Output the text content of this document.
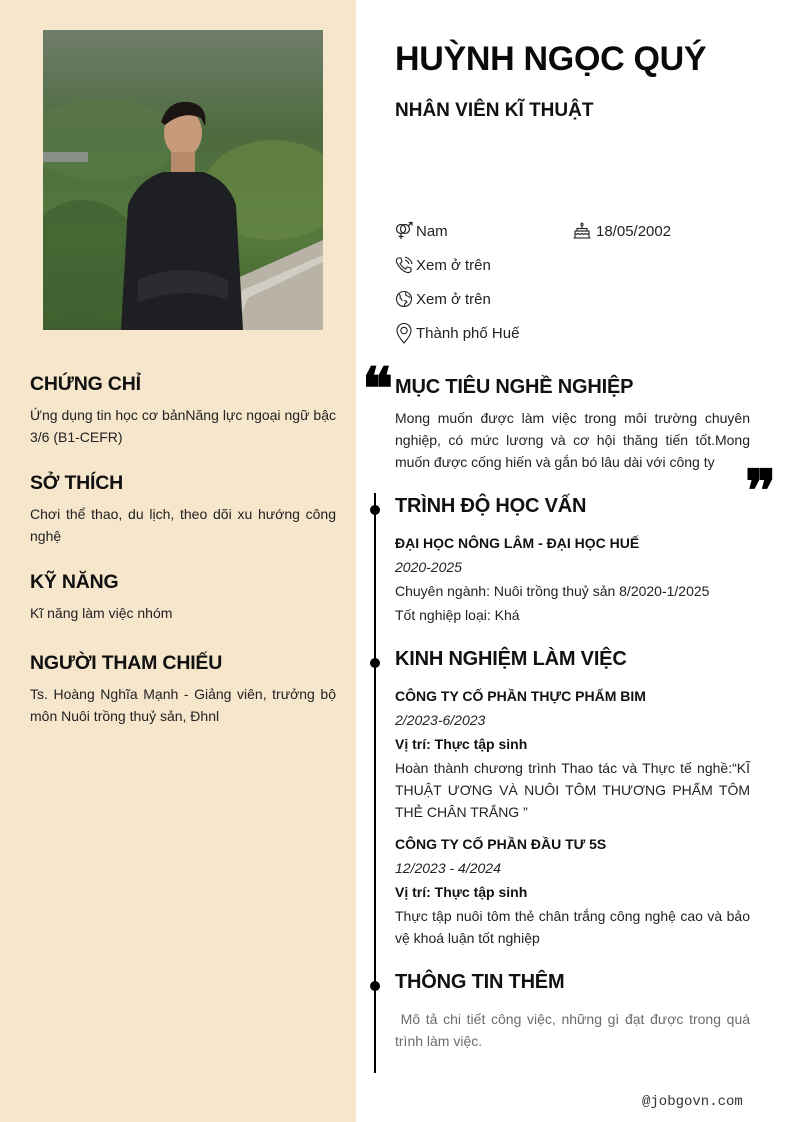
CHỨNG CHỈ

Ứng dụng tin học cơ bảnNăng lực ngoại ngữ bậc 3/6 (B1-CEFR)

SỞ THÍCH

Chơi thể thao, du lịch, theo dõi xu hướng công nghệ

KỸ NĂNG

Kĩ năng làm việc nhóm

NGƯỜI THAM CHIẾU

Ts. Hoàng Nghĩa Mạnh - Giảng viên, trưởng bộ môn Nuôi trồng thuỷ sản, Đhnl

HUỲNH NGỌC QUÝ
NHÂN VIÊN KĨ THUẬT
Nam	18/05/2002
Xem ở trên
Xem ở trên
Thành phố Huế
❝ MỤC TIÊU NGHỀ NGHIỆP
Mong muốn được làm việc trong môi trường chuyên nghiệp, có mức lương và cơ hội thăng tiến tốt.Mong muốn được cống hiến và gắn bó lâu dài với công ty ❞
TRÌNH ĐỘ HỌC VẤN
ĐẠI HỌC NÔNG LÂM - ĐẠI HỌC HUẾ
2020-2025
Chuyên ngành: Nuôi trồng thuỷ sản 8/2020-1/2025
Tốt nghiệp loại: Khá
KINH NGHIỆM LÀM VIỆC
CÔNG TY CỐ PHẦN THỰC PHẨM BIM
2/2023-6/2023
Vị trí: Thực tập sinh
Hoàn thành chương trình Thao tác và Thực tế nghề:“KĨ THUẬT ƯƠNG VÀ NUÔI TÔM THƯƠNG PHẨM TÔM THẺ CHÂN TRẮNG ”
CÔNG TY CỐ PHẦN ĐẦU TƯ 5S
12/2023 - 4/2024
Vị trí: Thực tập sinh
Thực tập nuôi tôm thẻ chân trắng công nghệ cao và bảo vệ khoá luận tốt nghiệp
THÔNG TIN THÊM
Mô tả chi tiết công việc, những gì đạt được trong quá trình làm việc.
@jobgovn.com
